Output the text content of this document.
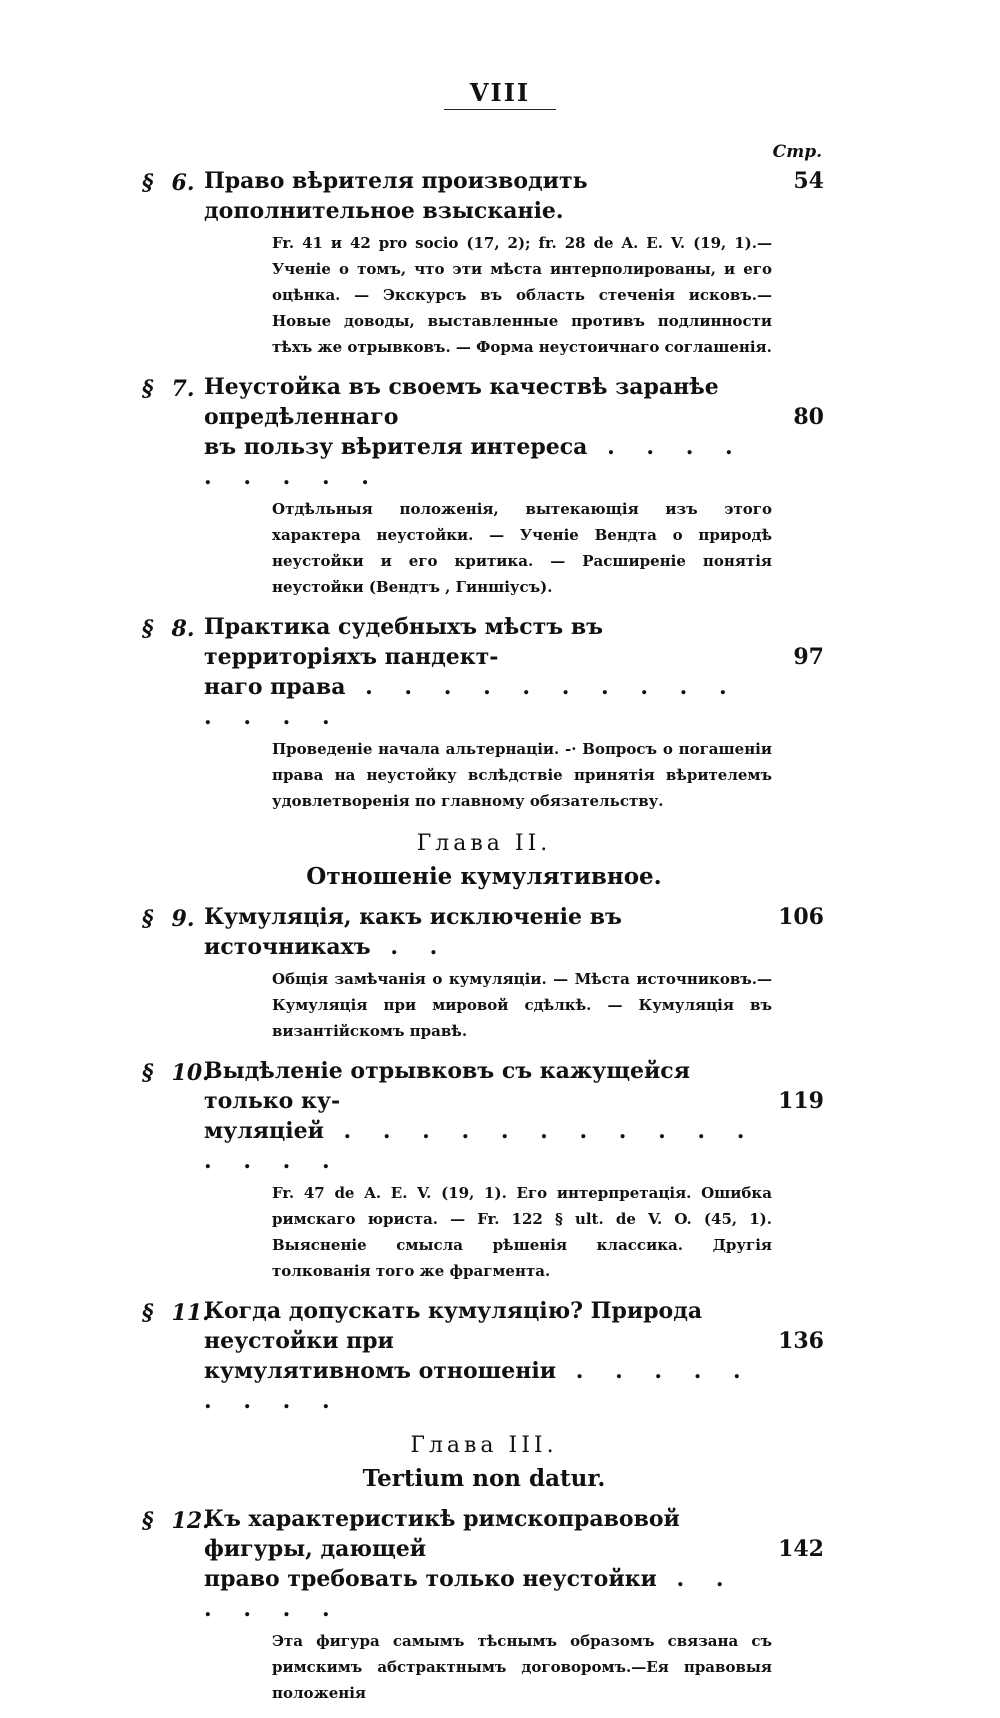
VIII
Стр.
§ 6. Право вѣрителя производить дополнительное взысканіе.
54
Fr. 41 и 42 pro socio (17, 2); fr. 28 de A. E. V. (19, 1).— Ученіе о томъ, что эти мѣста интерполированы, и его оцѣнка. — Экскурсъ въ область стеченія исковъ.—Новые доводы, выставленные противъ подлинности тѣхъ же отрывковъ. — Форма неустоичнаго соглашенія.
§ 7. Неустойка въ своемъ качествѣ заранѣе опредѣленнаго
въ пользу вѣрителя интереса . . . . . . . . .
80
Отдѣльныя положенія, вытекающія изъ этого характера неустойки. — Ученіе Вендта о природѣ неустойки и его критика. — Расширеніе понятія неустойки (Вендтъ , Гиншіусъ).
§ 8. Практика судебныхъ мѣстъ въ территоріяхъ пандект-
наго права . . . . . . . . . . . . . .
97
Проведеніе начала альтернаціи. -· Вопросъ о погашеніи права на неустойку вслѣдствіе принятія вѣрителемъ удовлетворенія по главному обязательству.
Глава II.
Отношеніе кумулятивное.
§ 9. Кумуляція, какъ исключеніе въ источникахъ . .
106
Общія замѣчанія о кумуляціи. — Мѣста источниковъ.— Кумуляція при мировой сдѣлкѣ. — Кумуляція въ византійскомъ правѣ.
§ 10.
Выдѣленіе отрывковъ съ кажущейся только ку-
муляціей . . . . . . . . . . . . . . .
119
Fr. 47 de A. E. V. (19, 1). Его интерпретація. Ошибка римскаго юриста. — Fr. 122 § ult. de V. O. (45, 1). Выясненіе смысла рѣшенія классика. Другія толкованія того же фрагмента.
§ 11.
Когда допускать кумуляцію? Природа неустойки при
кумулятивномъ отношеніи . . . . . . . . .
136
Глава III.
Tertium non datur.
§ 12.
Къ характеристикѣ римскоправовой фигуры, дающей
право требовать только неустойки . . . . . .
142
Эта фигура самымъ тѣснымъ образомъ связана съ римскимъ абстрактнымъ договоромъ.—Ея правовыя положенія
